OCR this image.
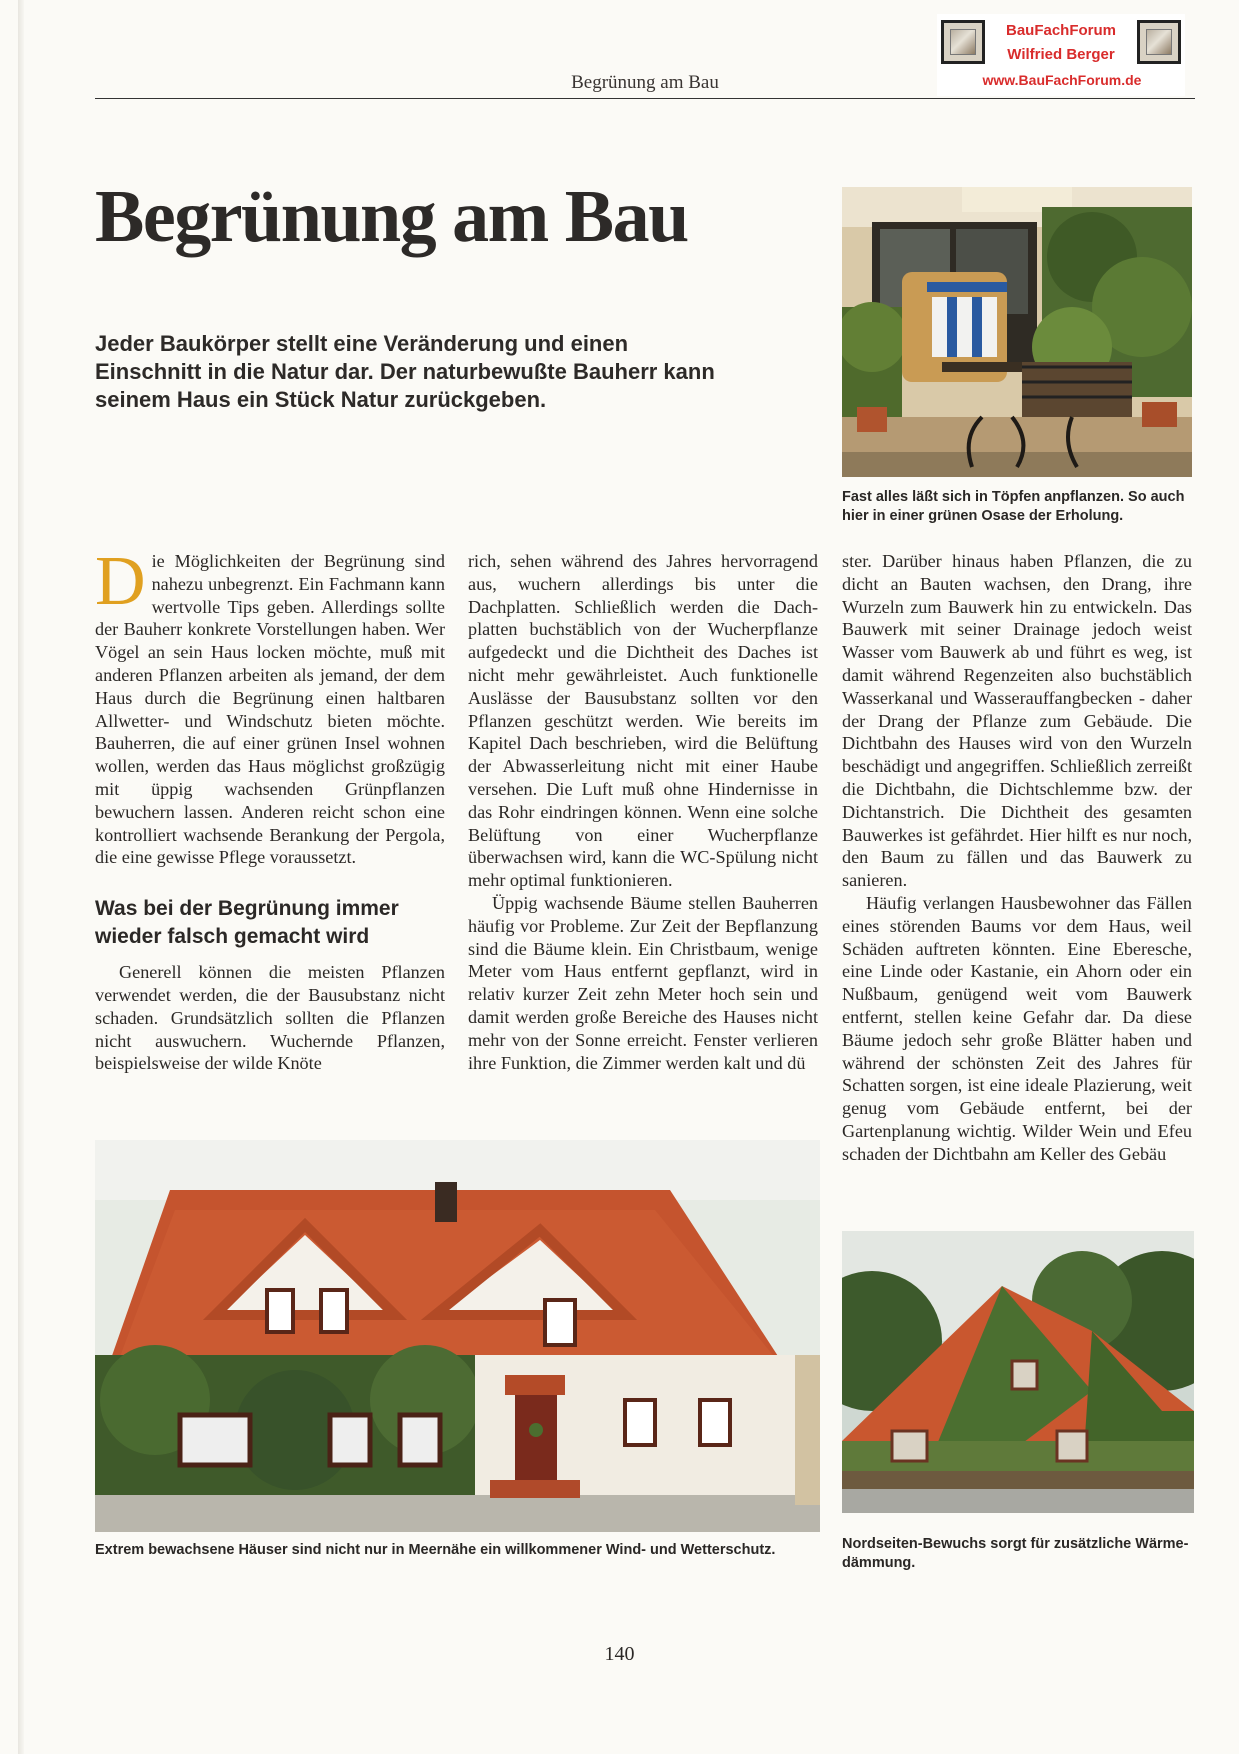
BauFachForum
Wilfried Berger
www.BauFachForum.de
Begrünung am Bau
Begrünung am Bau
Jeder Baukörper stellt eine Veränderung und einen Einschnitt in die Natur dar. Der naturbewußte Bauherr kann seinem Haus ein Stück Natur zurückgeben.
Fast alles läßt sich in Töpfen anpflanzen. So auch hier in einer grünen Osase der Erholung.

Die Möglichkeiten der Begrünung sind nahezu unbegrenzt. Ein Fachmann kann wertvolle Tips geben. Allerdings sollte der Bauherr konkrete Vorstellungen haben. Wer Vögel an sein Haus locken möchte, muß mit anderen Pflanzen arbeiten als jemand, der dem Haus durch die Begrünung einen haltbaren Allwetter- und Windschutz bieten möchte. Bauherren, die auf einer grünen Insel wohnen wollen, werden das Haus möglichst großzügig mit üppig wachsenden Grünpflanzen bewuchern lassen. Anderen reicht schon eine kontrolliert wachsende Berankung der Pergola, die eine gewisse Pflege voraussetzt.

Was bei der Begrünung immer wieder falsch gemacht wird

Generell können die meisten Pflanzen verwendet werden, die der Bausubstanz nicht schaden. Grundsätzlich sollten die Pflanzen nicht auswuchern. Wuchernde Pflanzen, beispielsweise der wilde Knöte

rich, sehen während des Jahres hervorragend aus, wuchern allerdings bis unter die Dachplatten. Schließlich werden die Dachplatten buchstäblich von der Wucherpflanze aufgedeckt und die Dichtheit des Daches ist nicht mehr gewährleistet. Auch funktionelle Auslässe der Bausubstanz sollten vor den Pflanzen geschützt werden. Wie bereits im Kapitel Dach beschrieben, wird die Belüftung der Abwasserleitung nicht mit einer Haube versehen. Die Luft muß ohne Hindernisse in das Rohr eindringen können. Wenn eine solche Belüftung von einer Wucherpflanze überwachsen wird, kann die WC-Spülung nicht mehr optimal funktionieren.

Üppig wachsende Bäume stellen Bauherren häufig vor Probleme. Zur Zeit der Bepflanzung sind die Bäume klein. Ein Christbaum, wenige Meter vom Haus entfernt gepflanzt, wird in relativ kurzer Zeit zehn Meter hoch sein und damit werden große Bereiche des Hauses nicht mehr von der Sonne erreicht. Fenster verlieren ihre Funktion, die Zimmer werden kalt und dü

ster. Darüber hinaus haben Pflanzen, die zu dicht an Bauten wachsen, den Drang, ihre Wurzeln zum Bauwerk hin zu entwickeln. Das Bauwerk mit seiner Drainage jedoch weist Wasser vom Bauwerk ab und führt es weg, ist damit während Regenzeiten also buchstäblich Wasserkanal und Wasserauffangbecken - daher der Drang der Pflanze zum Gebäude. Die Dichtbahn des Hauses wird von den Wurzeln beschädigt und angegriffen. Schließlich zerreißt die Dichtbahn, die Dichtschlemme bzw. der Dichtanstrich. Die Dichtheit des gesamten Bauwerkes ist gefährdet. Hier hilft es nur noch, den Baum zu fällen und das Bauwerk zu sanieren.

Häufig verlangen Hausbewohner das Fällen eines störenden Baums vor dem Haus, weil Schäden auftreten könnten. Eine Eberesche, eine Linde oder Kastanie, ein Ahorn oder ein Nußbaum, genügend weit vom Bauwerk entfernt, stellen keine Gefahr dar. Da diese Bäume jedoch sehr große Blätter haben und während der schönsten Zeit des Jahres für Schatten sorgen, ist eine ideale Plazierung, weit genug vom Gebäude entfernt, bei der Gartenplanung wichtig. Wilder Wein und Efeu schaden der Dichtbahn am Keller des Gebäu

Extrem bewachsene Häuser sind nicht nur in Meernähe ein willkommener Wind- und Wetterschutz.	Nordseiten-Bewuchs sorgt für zusätzliche Wärmedämmung.
140
